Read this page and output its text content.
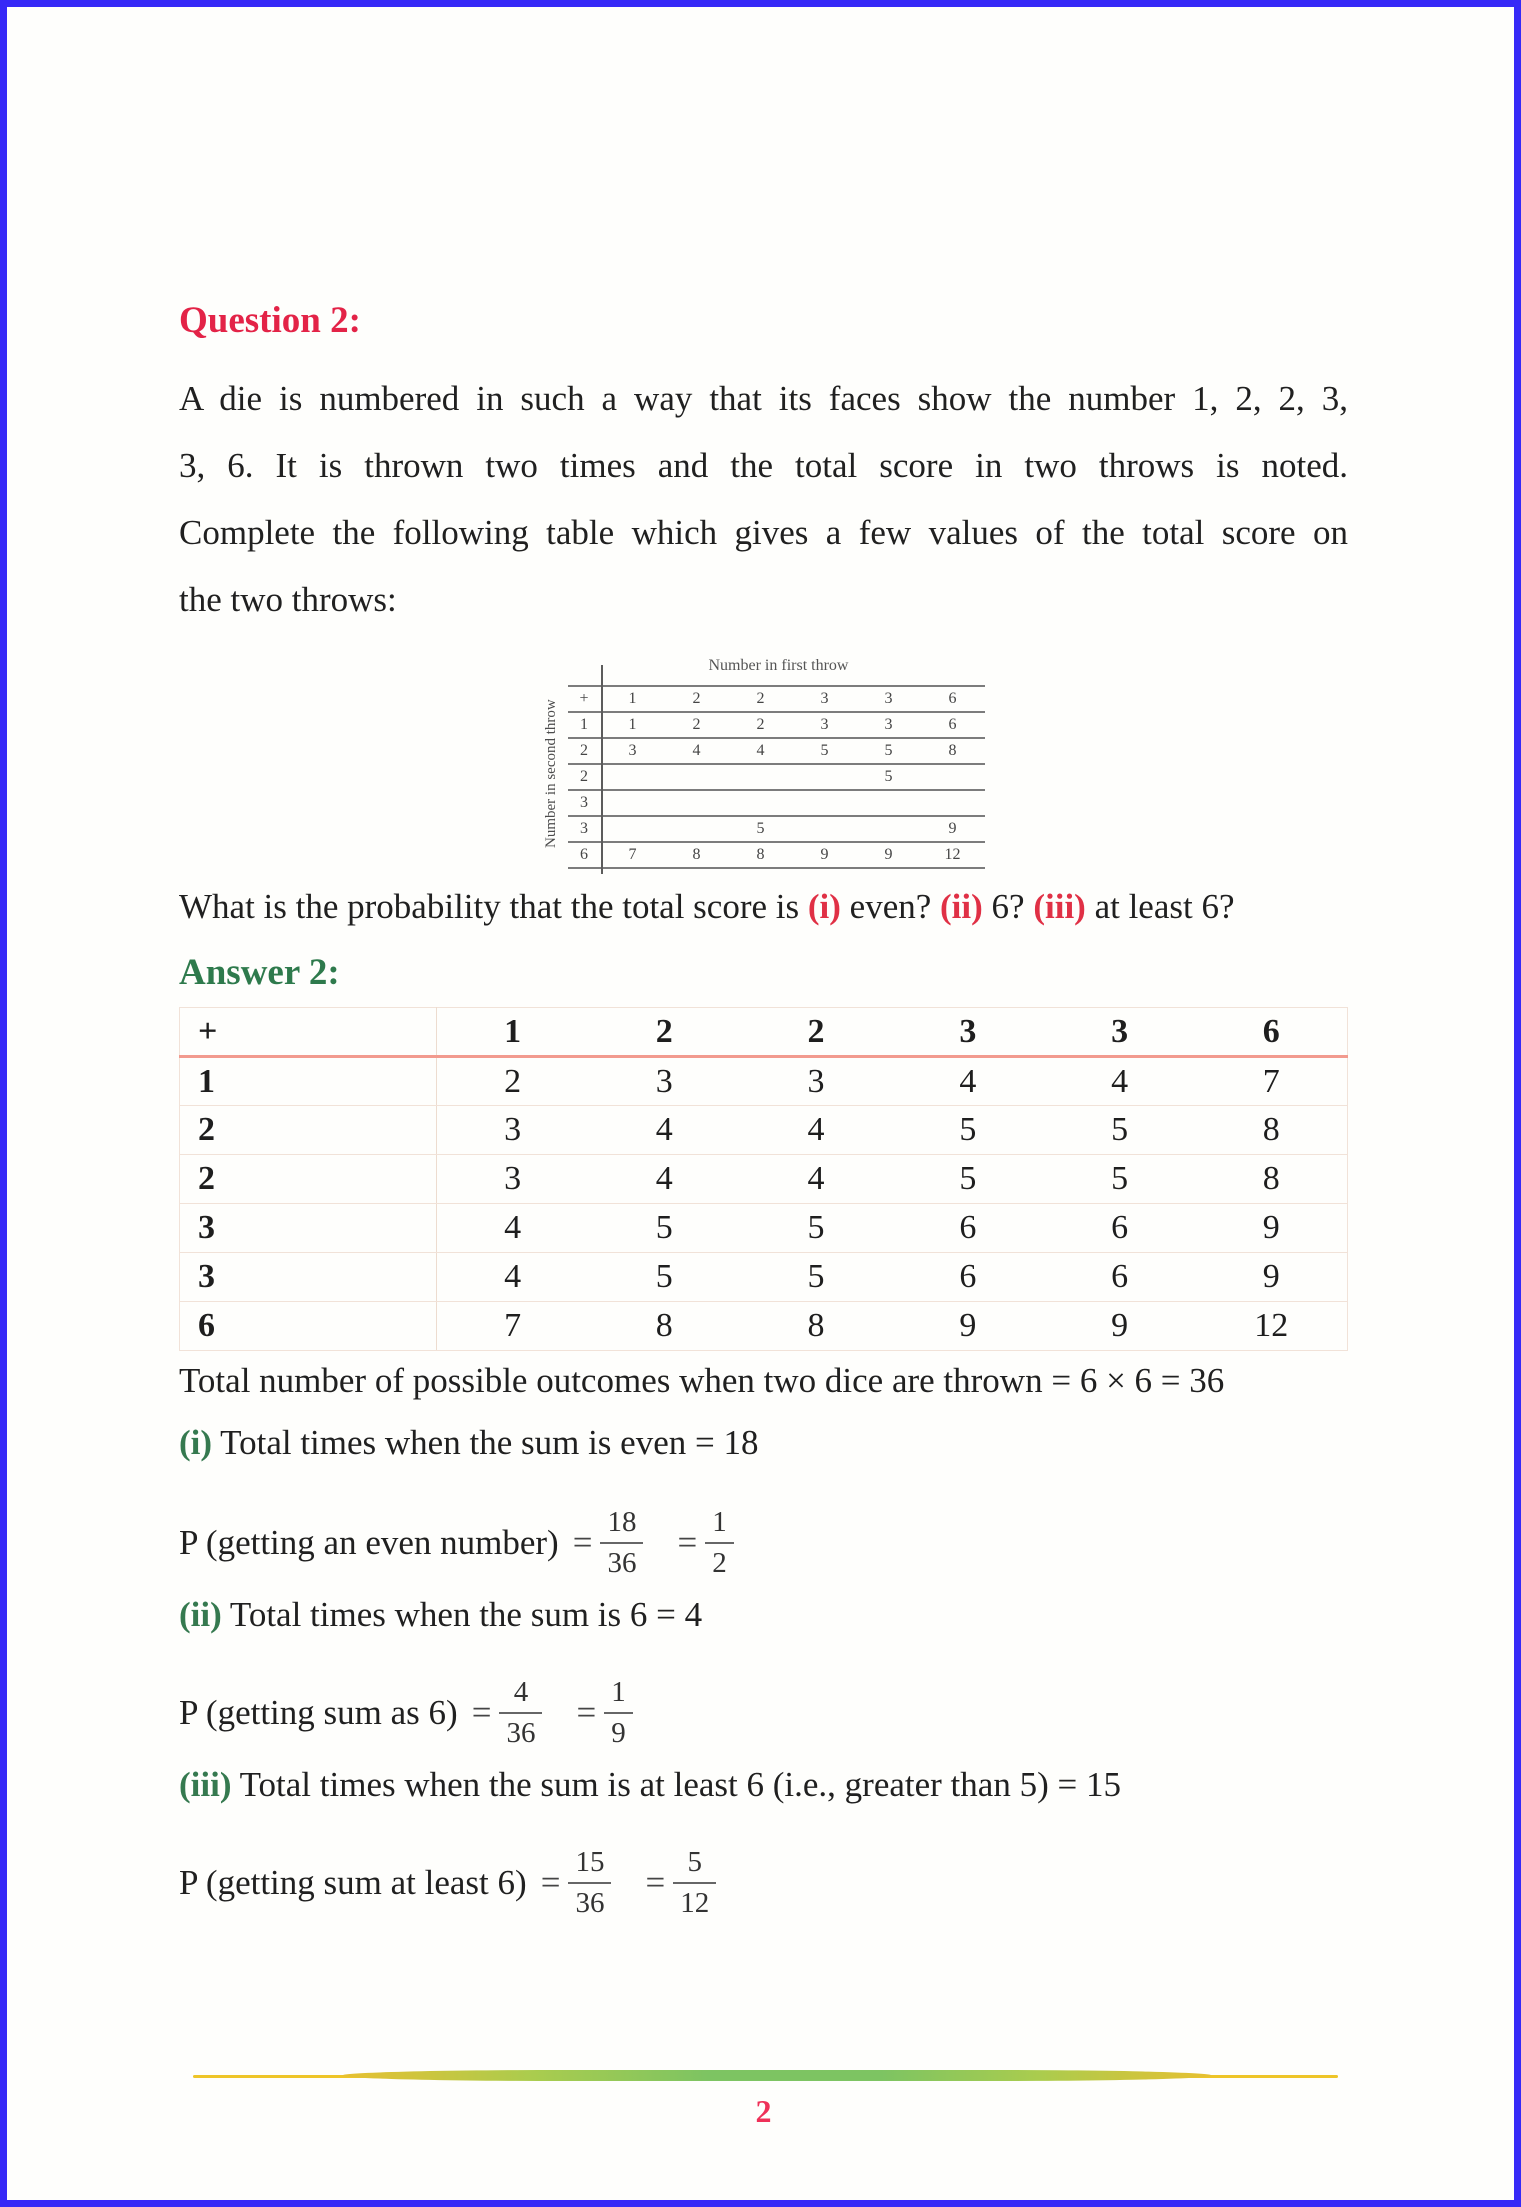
Question 2:
A die is numbered in such a way that its faces show the number 1, 2, 2, 3,
3, 6. It is thrown two times and the total score in two throws is noted.
Complete the following table which gives a few values of the total score on
the two throws:
Number in first throw
Number in second throw
+	1	2	2	3	3	6
1	1	2	2	3	3	6
2	3	4	4	5	5	8
2					5	
3						
3			5			9
6	7	8	8	9	9	12
What is the probability that the total score is (i) even? (ii) 6? (iii) at least 6?
Answer 2:
+	1	2	2	3	3	6
1	2	3	3	4	4	7
2	3	4	4	5	5	8
2	3	4	4	5	5	8
3	4	5	5	6	6	9
3	4	5	5	6	6	9
6	7	8	8	9	9	12
Total number of possible outcomes when two dice are thrown = 6 × 6 = 36
(i) Total times when the sum is even = 18
P (getting an even number) = $\frac{18}{36} = \frac{1}{2}$
(ii) Total times when the sum is 6 = 4
P (getting sum as $6) = \frac{4}{36} = \frac{1}{9}$
(iii) Total times when the sum is at least 6 (i.e., greater than 5) = 15
P (getting sum at least $6) = \frac{15}{36} = \frac{5}{12}$
2
